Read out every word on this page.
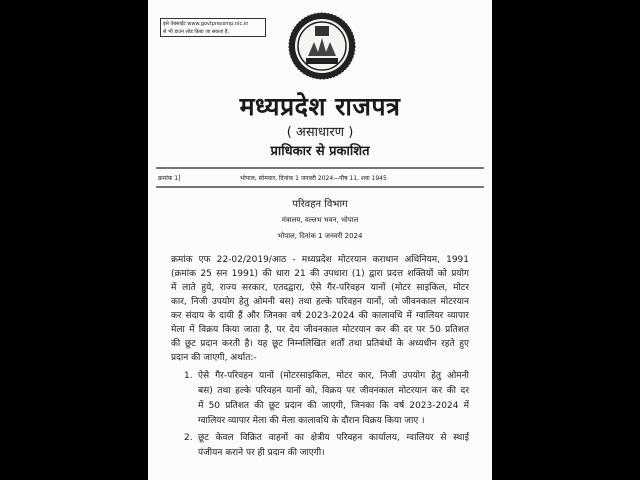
इसे वेबसाईट www.govtpressmp.nic.in
से भी डाउन लोड किया जा सकता है.
मध्यप्रदेश राजपत्र
( असाधारण )
प्राधिकार से प्रकाशित
क्रमांक 1]	भोपाल, सोमवार, दिनांक 1 जनवरी 2024—पौष 11, शक 1945
परिवहन विभाग
मंत्रालय, वल्लभ भवन, भोपाल
भोपाल, दिनांक 1 जनवरी 2024
क्रमांक एफ 22-02/2019/आठ - मध्यप्रदेश मोटरयान कराधान अधिनियम, 1991
(क्रमांक 25 सन 1991) की धारा 21 की उपधारा (1) द्वारा प्रदत्त शक्तियों को प्रयोग
में लाते हुये, राज्य सरकार, एतदद्वारा, ऐसे गैर-परिवहन यानों (मोटर साइकिल, मोटर
कार, निजी उपयोग हेतु ओमनी बस) तथा हल्के परिवहन यानों, जो जीवनकाल मोटरयान
कर संदाय के दायी हैं और जिनका वर्ष 2023-2024 की कालावधि में ग्वालियर व्यापार
मेला में विक्रय किया जाता है, पर देय जीवनकाल मोटरयान कर की दर पर 50 प्रतिशत
की छूट प्रदान करती है। यह छूट निम्नलिखित शर्तों तथा प्रतिबंधों के अध्यधीन रहते हुए
प्रदान की जाएगी, अर्थात:-
1. ऐसे गैर-परिवहन यानों (मोटरसाइकिल, मोटर कार, निजी उपयोग हेतु ओमनी
बस) तथा हल्के परिवहन यानों को, विक्रय पर जीवनकाल मोटरयान कर की दर
में 50 प्रतिशत की छूट प्रदान की जाएगी, जिनका कि वर्ष 2023-2024 में
ग्वालियर व्यापार मेला की मेला कालावधि के दौरान विक्रय किया जाए ।
2. छूट केवल विक्रित वाहनों का क्षेत्रीय परिवहन कार्यालय, ग्वालियर से स्थाई
पंजीयन कराने पर ही प्रदान की जाएगी।
